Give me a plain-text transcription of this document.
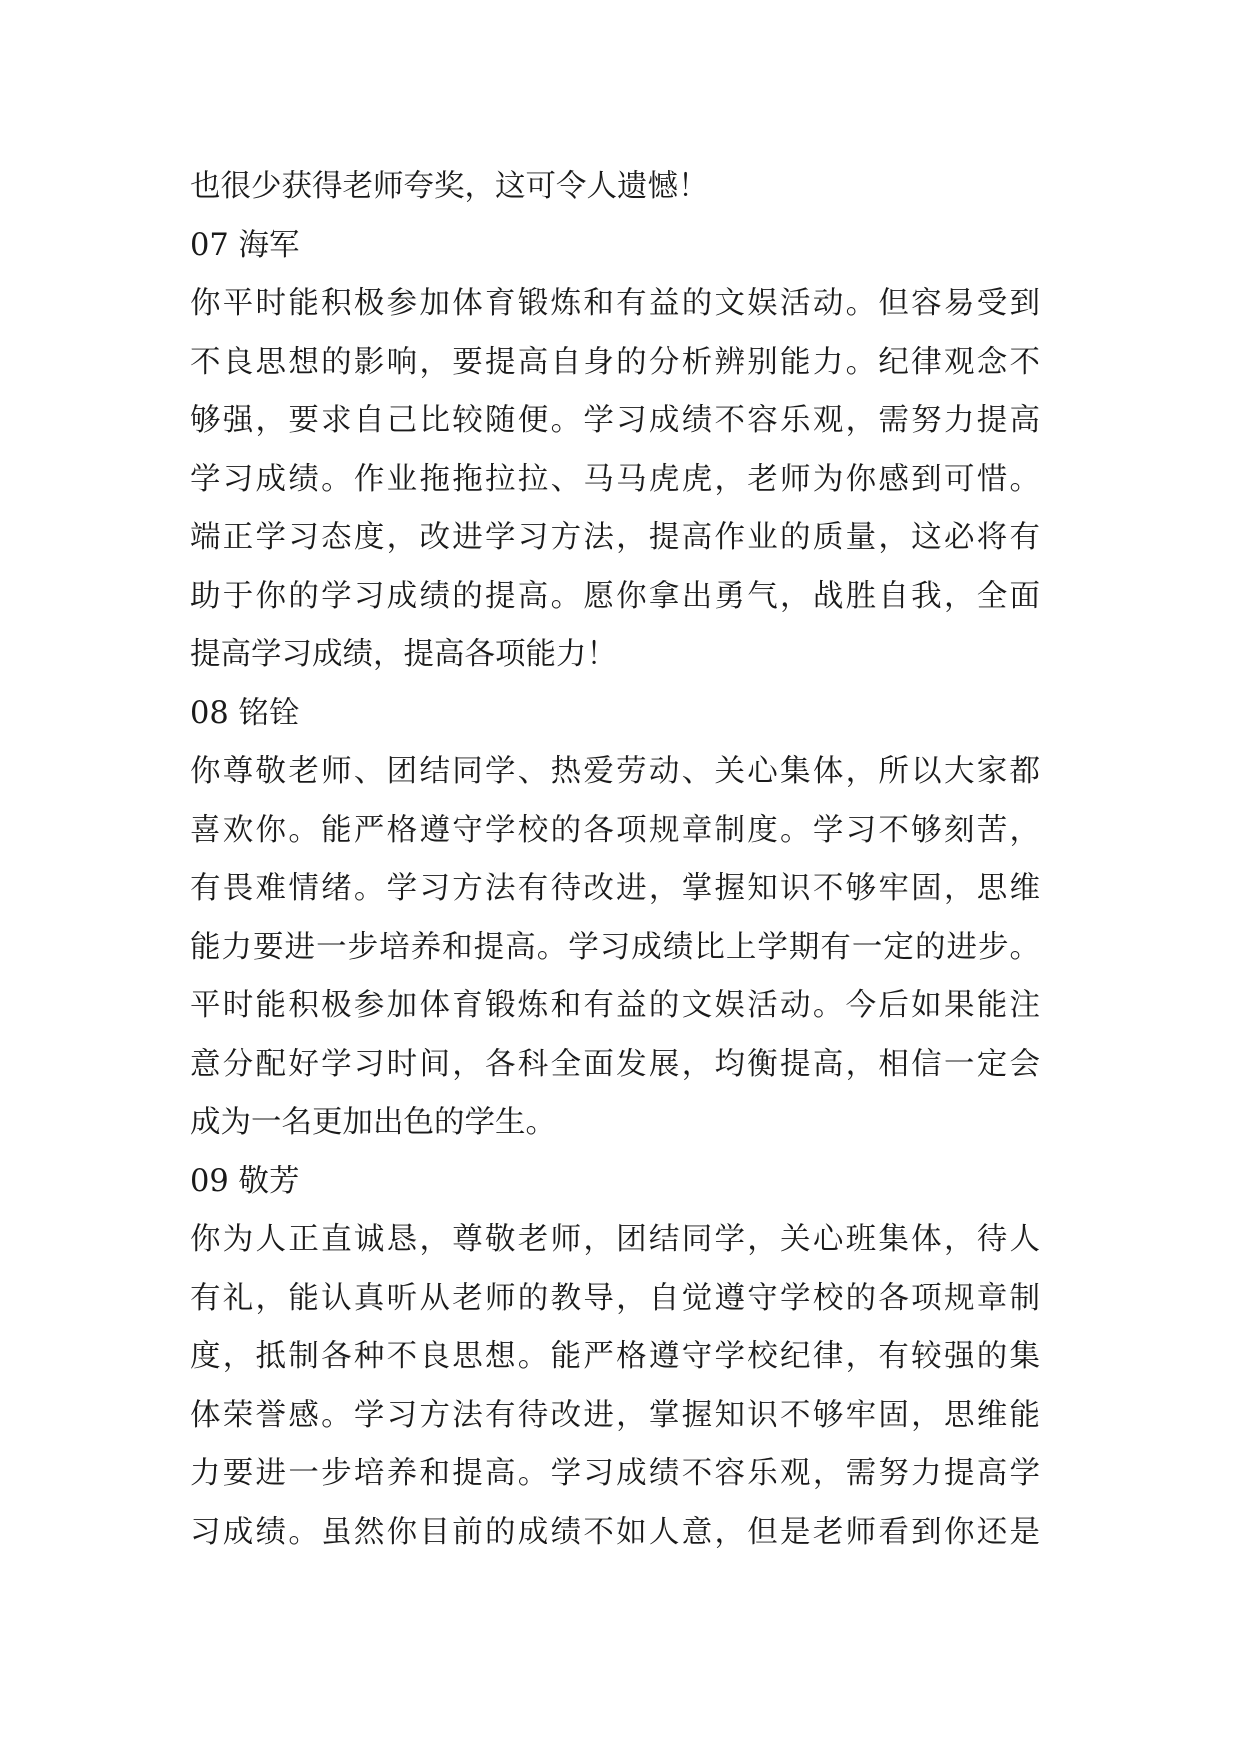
也很少获得老师夸奖，这可令人遗憾！
07 海军
你平时能积极参加体育锻炼和有益的文娱活动。但容易受到
不良思想的影响，要提高自身的分析辨别能力。纪律观念不
够强，要求自己比较随便。学习成绩不容乐观，需努力提高
学习成绩。作业拖拖拉拉、马马虎虎，老师为你感到可惜。
端正学习态度，改进学习方法，提高作业的质量，这必将有
助于你的学习成绩的提高。愿你拿出勇气，战胜自我，全面
提高学习成绩，提高各项能力！
08 铭铨
你尊敬老师、团结同学、热爱劳动、关心集体，所以大家都
喜欢你。能严格遵守学校的各项规章制度。学习不够刻苦，
有畏难情绪。学习方法有待改进，掌握知识不够牢固，思维
能力要进一步培养和提高。学习成绩比上学期有一定的进步。
平时能积极参加体育锻炼和有益的文娱活动。今后如果能注
意分配好学习时间，各科全面发展，均衡提高，相信一定会
成为一名更加出色的学生。
09 敬芳
你为人正直诚恳，尊敬老师，团结同学，关心班集体，待人
有礼，能认真听从老师的教导，自觉遵守学校的各项规章制
度，抵制各种不良思想。能严格遵守学校纪律，有较强的集
体荣誉感。学习方法有待改进，掌握知识不够牢固，思维能
力要进一步培养和提高。学习成绩不容乐观，需努力提高学
习成绩。虽然你目前的成绩不如人意，但是老师看到你还是
